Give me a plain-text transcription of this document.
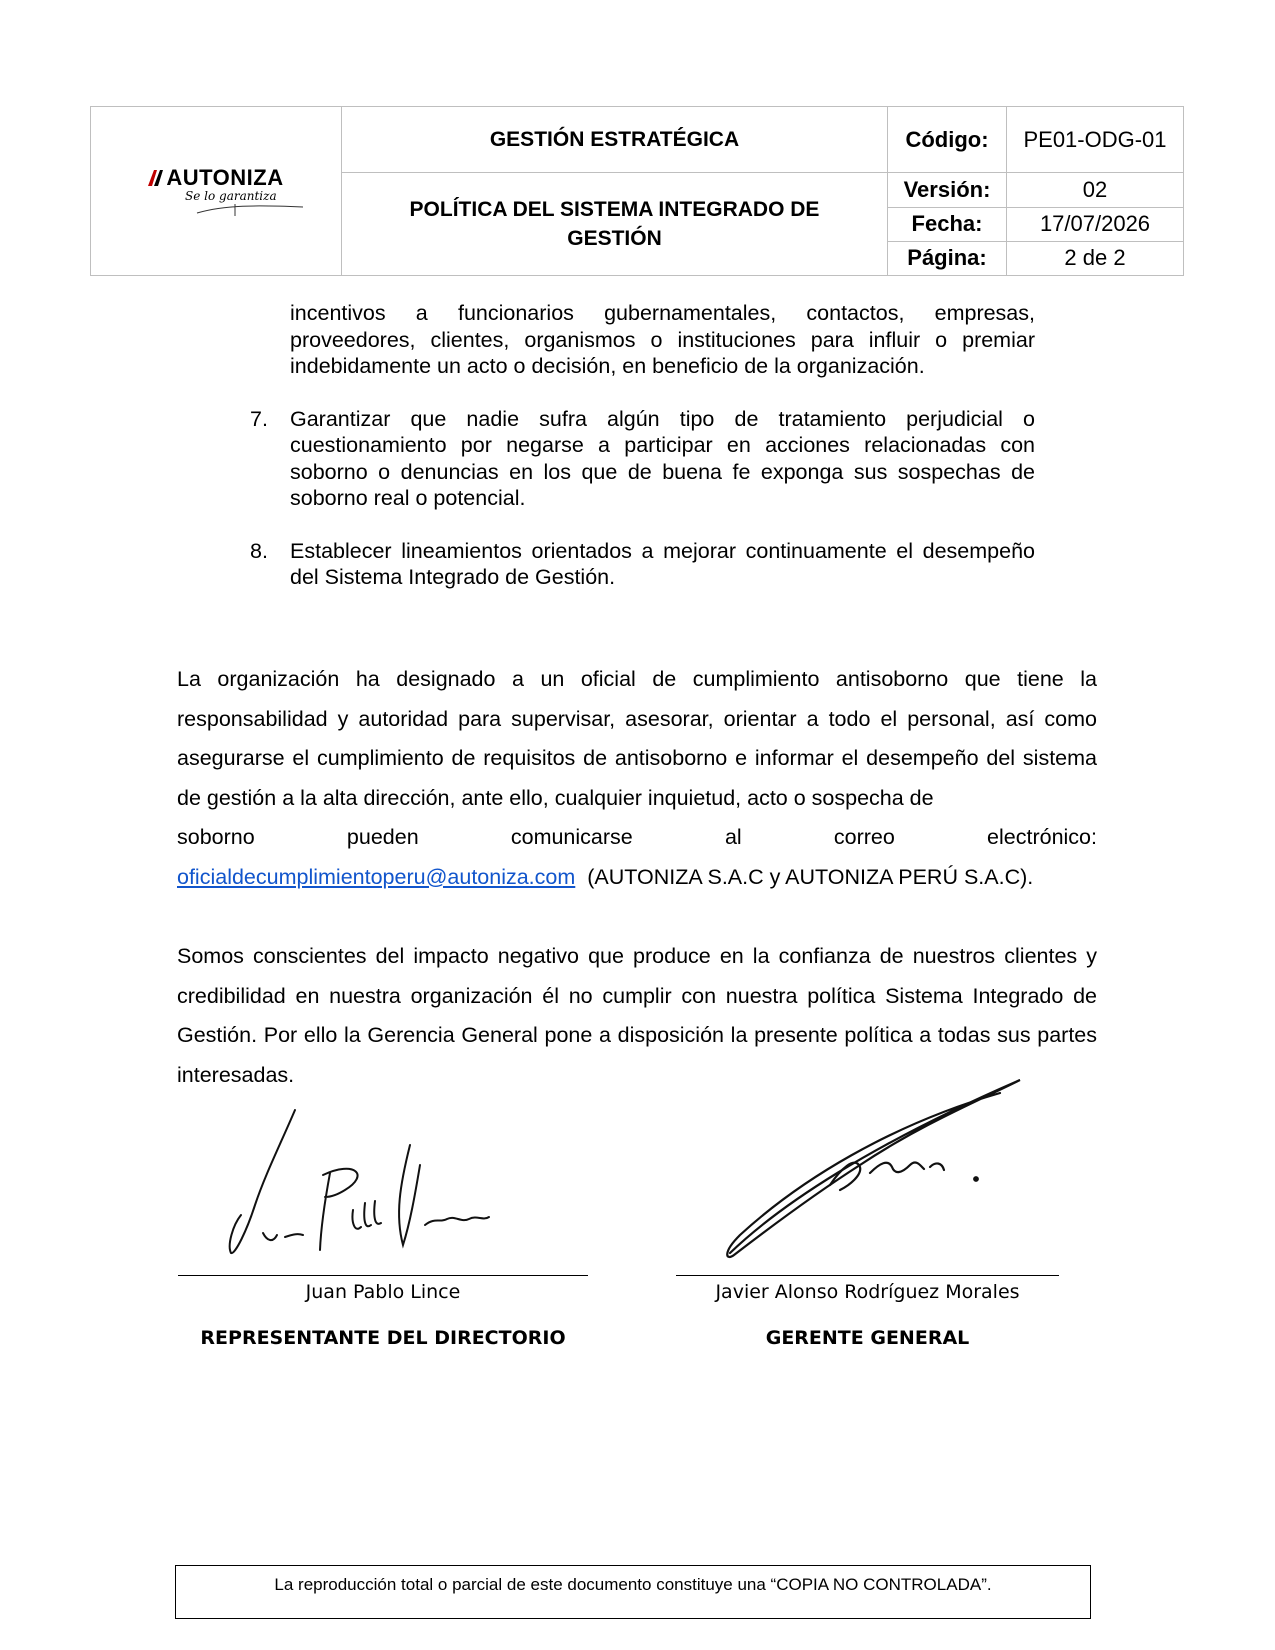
AUTONIZA
Se lo garantiza	GESTIÓN ESTRATÉGICA	Código:	PE01-ODG-01

	POLÍTICA DEL SISTEMA INTEGRADO DE GESTIÓN	Versión:	02
		Fecha:	17/07/2026
		Página:	2 de 2

incentivos a funcionarios gubernamentales, contactos, empresas, proveedores, clientes, organismos o instituciones para influir o premiar indebidamente un acto o decisión, en beneficio de la organización.

7. Garantizar que nadie sufra algún tipo de tratamiento perjudicial o cuestionamiento por negarse a participar en acciones relacionadas con soborno o denuncias en los que de buena fe exponga sus sospechas de soborno real o potencial.
8. Establecer lineamientos orientados a mejorar continuamente el desempeño del Sistema Integrado de Gestión.
La organización ha designado a un oficial de cumplimiento antisoborno que tiene la responsabilidad y autoridad para supervisar, asesorar, orientar a todo el personal, así como asegurarse el cumplimiento de requisitos de antisoborno e informar el desempeño del sistema de gestión a la alta dirección, ante ello, cualquier inquietud, acto o sospecha de
soborno	pueden	comunicarse	al	correo	electrónico:
oficialdecumplimientoperu@autoniza.com (AUTONIZA S.A.C y AUTONIZA PERÚ S.A.C).
Somos conscientes del impacto negativo que produce en la confianza de nuestros clientes y credibilidad en nuestra organización él no cumplir con nuestra política Sistema Integrado de Gestión. Por ello la Gerencia General pone a disposición la presente política a todas sus partes interesadas.
Juan Pablo Lince	Javier Alonso Rodríguez Morales
REPRESENTANTE DEL DIRECTORIO	GERENTE GENERAL
La reproducción total o parcial de este documento constituye una “COPIA NO CONTROLADA”.
